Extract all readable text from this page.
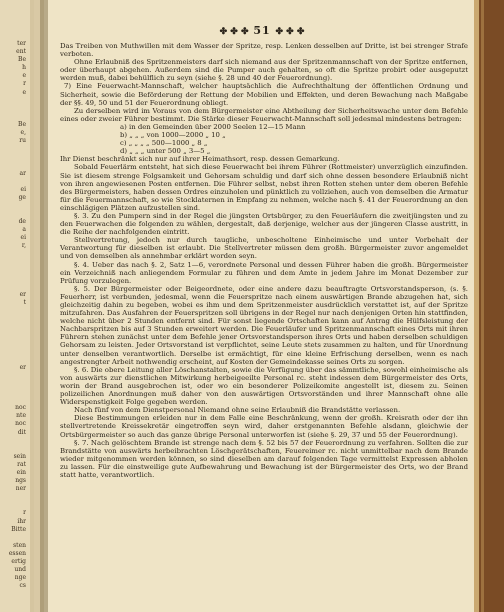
ter
ent
Be
h
e
r
e

Be
e,
ru

ar

ei
ge

de
a
ei
r,

er
t

er

noc
nte
noc
dit

sein
rat
ein
ngs
ner

r
ihr
Bitte

sten
essen
ertig
und
nge
cs
✤ ✤ ✤ 51 ✤ ✤ ✤

Das Treiben von Muthwillen mit dem Wasser der Spritze, resp. Lenken desselben auf Dritte, ist bei strenger Strafe verboten.

Ohne Erlaubniß des Spritzenmeisters darf sich niemand aus der Spritzenmannschaft von der Spritze entfernen, oder überhaupt abgehen. Außerdem sind die Pumper auch gehalten, so oft die Spritze probirt oder ausgeputzt werden muß, dabei behülflich zu seyn (siehe §. 28 und 40 der Feuerordnung).

7) Eine Feuerwacht-Mannschaft, welcher hauptsächlich die Aufrechthaltung der öffentlichen Ordnung und Sicherheit, sowie die Beförderung der Rettung der Mobilien und Effekten, und deren Bewachung nach Maßgabe der §§. 49, 50 und 51 der Feuerordnung obliegt.

Zu derselben wird im Voraus von dem Bürgermeister eine Abtheilung der Sicherheitswache unter dem Befehle eines oder zweier Führer bestimmt. Die Stärke dieser Feuerwacht-Mannschaft soll jedesmal mindestens betragen:

a) in den Gemeinden über 2000 Seelen 12—15 Mann

b) „ „ „ von 1000—2000 „ 10 „

c) „ „ „ „ 500—1000 „ 8 „

d) „ „ „ unter 500 „ 3—5 „

Ihr Dienst beschränkt sich nur auf ihrer Heimathsort, resp. dessen Gemarkung.

Sobald Feuerlärm entsteht, hat sich diese Feuerwacht bei ihrem Führer (Rottmeister) unverzüglich einzufinden. Sie ist diesem strenge Folgsamkeit und Gehorsam schuldig und darf sich ohne dessen besondere Erlaubniß nicht von ihren angewiesenen Posten entfernen. Die Führer selbst, nebst ihren Rotten stehen unter dem oberen Befehle des Bürgermeisters, haben dessen Ordres einzuholen und pünktlich zu vollziehen, auch von demselben die Armatur für die Feuermannschaft, so wie Stocklaternen in Empfang zu nehmen, welche nach §. 41 der Feuerordnung an den einschlägigen Plätzen aufzustellen sind.

§. 3. Zu den Pumpern sind in der Regel die jüngsten Ortsbürger, zu den Feuerläufern die zweitjüngsten und zu den Feuerwachen die folgenden zu wählen, dergestalt, daß derjenige, welcher aus der jüngeren Classe austritt, in die Reihe der nachfolgenden eintritt.

Stellvertretung, jedoch nur durch taugliche, unbescholtene Einheimische und unter Vorbehalt der Verantwortung für dieselben ist erlaubt. Die Stellvertreter müssen dem großh. Bürgermeister zuvor angemeldet und von demselben als annehmbar erklärt worden seyn.

§. 4. Ueber das nach §. 2, Satz 1—6, verordnete Personal und dessen Führer haben die großh. Bürgermeister ein Verzeichniß nach anliegendem Formular zu führen und dem Amte in jedem Jahre im Monat Dezember zur Prüfung vorzulegen.

§. 5. Der Bürgermeister oder Beigeordnete, oder eine andere dazu beauftragte Ortsvorstandsperson, (s. §. Feuerherr, ist verbunden, jedesmal, wenn die Feuerspritze nach einem auswärtigen Brande abzugehen hat, sich gleichzeitig dahin zu begeben, wobei es ihm und dem Spritzenmeister ausdrücklich verstattet ist, auf der Spritze mitzufahren. Das Ausfahren der Feuerspritzen soll übrigens in der Regel nur nach denjenigen Orten hin stattfinden, welche nicht über 2 Stunden entfernt sind. Für sonst liegende Ortschaften kann auf Antrag die Hülfsleistung der Nachbarspritzen bis auf 3 Stunden erweitert werden. Die Feuerläufer und Spritzenmannschaft eines Orts mit ihren Führern stehen zunächst unter dem Befehle jener Ortsvorstandsperson ihres Orts und haben derselben schuldigen Gehorsam zu leisten. Jeder Ortsvorstand ist verpflichtet, seine Leute stets zusammen zu halten, und für Unordnung unter denselben verantwortlich. Derselbe ist ermächtigt, für eine kleine Erfrischung derselben, wenn es nach angestrengter Arbeit nothwendig erscheint, auf Kosten der Gemeindekasse seines Orts zu sorgen.

§. 6. Die obere Leitung aller Löschanstalten, sowie die Verfügung über das sämmtliche, sowohl einheimische als von auswärts zur dienstlichen Mitwirkung herbeigeeilte Personal rc. steht indessen dem Bürgermeister des Orts, worin der Brand ausgebrochen ist, oder wo ein besonderer Polizeikomite angestellt ist, diesem zu. Seinen polizeilichen Anordnungen muß daher von den auswärtigen Ortsvorständen und ihrer Mannschaft ohne alle Widerspenstigkeit Folge gegeben werden.

Nach fünf von dem Dienstpersonal Niemand ohne seine Erlaubniß die Brandstätte verlassen.

Diese Bestimmungen erleiden nur in dem Falle eine Beschränkung, wenn der großh. Kreisrath oder der ihn stellvertretende Kreissekretär eingetroffen seyn wird, daher erstgenannten Befehle alsdann, gleichwie der Ortsbürgermeister so auch das ganze übrige Personal unterworfen ist (siehe §. 29, 37 und 55 der Feuerordnung).

§. 7. Nach gelöschtem Brande ist strenge nach dem §. 52 bis 57 der Feuerordnung zu verfahren. Sollten die zur Brandstätte von auswärts herbeibrachten Löschgerätschaften, Feuereimer rc. nicht unmittelbar nach dem Brande wieder mitgenommen werden können, so sind dieselben am darauf folgenden Tage vermittelst Expressen abholen zu lassen. Für die einstweilige gute Aufbewahrung und Bewachung ist der Bürgermeister des Orts, wo der Brand statt hatte, verantwortlich.
